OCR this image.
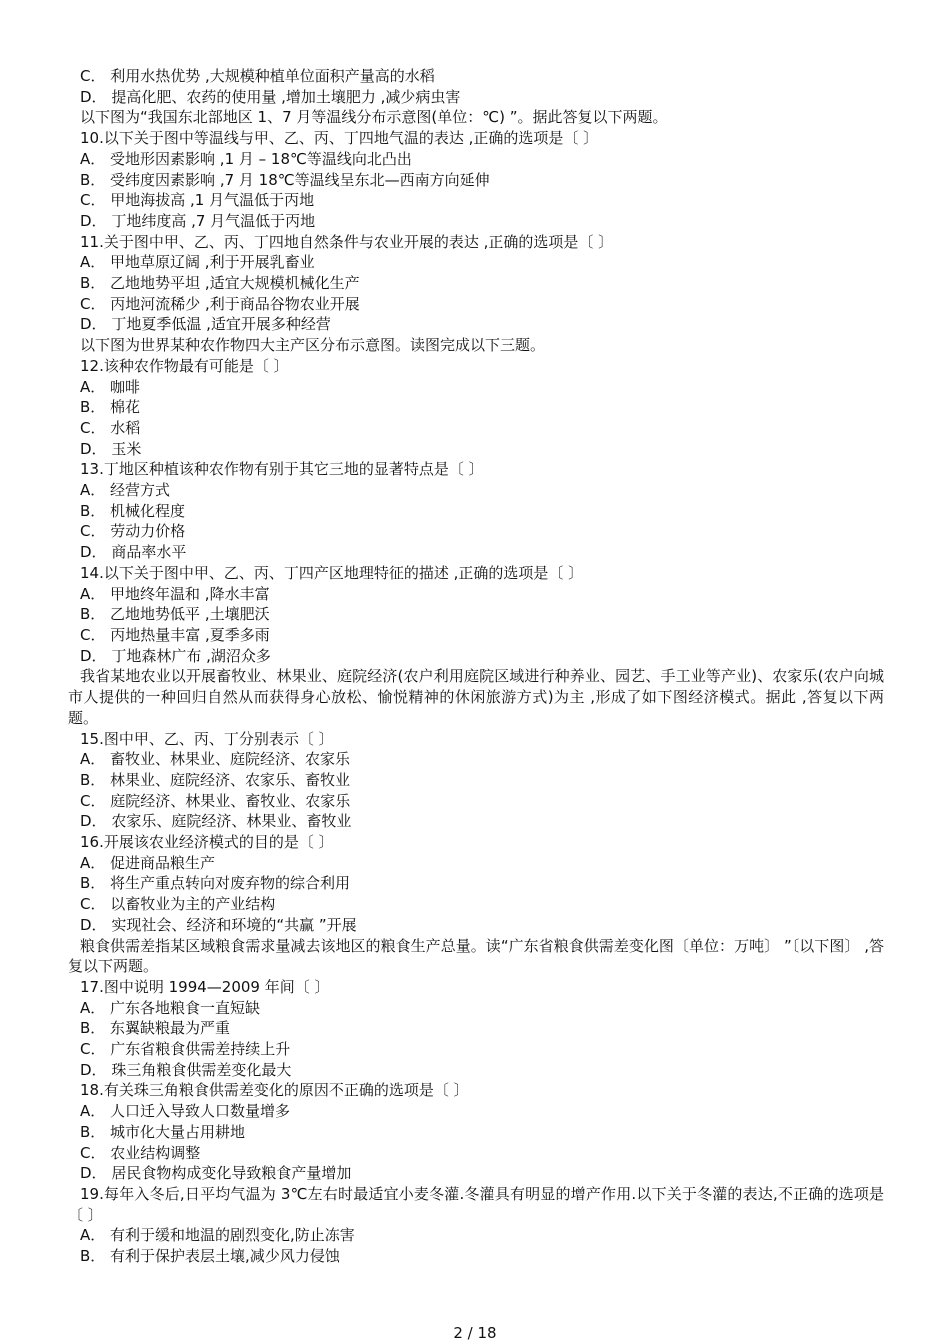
C． 利用水热优势 ,大规模种植单位面积产量高的水稻

D． 提高化肥、农药的使用量 ,增加土壤肥力 ,减少病虫害

以下图为“我国东北部地区 1、7 月等温线分布示意图(单位：℃) ”。据此答复以下两题。

10.以下关于图中等温线与甲、乙、丙、丁四地气温的表达 ,正确的选项是〔 〕

A． 受地形因素影响 ,1 月 – 18℃等温线向北凸出

B． 受纬度因素影响 ,7 月 18℃等温线呈东北—西南方向延伸

C． 甲地海拔高 ,1 月气温低于丙地

D． 丁地纬度高 ,7 月气温低于丙地

11.关于图中甲、乙、丙、丁四地自然条件与农业开展的表达 ,正确的选项是〔 〕

A． 甲地草原辽阔 ,利于开展乳畜业

B． 乙地地势平坦 ,适宜大规模机械化生产

C． 丙地河流稀少 ,利于商品谷物农业开展

D． 丁地夏季低温 ,适宜开展多种经营

以下图为世界某种农作物四大主产区分布示意图。读图完成以下三题。

12.该种农作物最有可能是〔 〕

A． 咖啡

B． 棉花

C． 水稻

D． 玉米

13.丁地区种植该种农作物有别于其它三地的显著特点是〔 〕

A． 经营方式

B． 机械化程度

C． 劳动力价格

D． 商品率水平

14.以下关于图中甲、乙、丙、丁四产区地理特征的描述 ,正确的选项是〔 〕

A． 甲地终年温和 ,降水丰富

B． 乙地地势低平 ,土壤肥沃

C． 丙地热量丰富 ,夏季多雨

D． 丁地森林广布 ,湖沼众多

我省某地农业以开展畜牧业、林果业、庭院经济(农户利用庭院区域进行种养业、园艺、手工业等产业)、农家乐(农户向城市人提供的一种回归自然从而获得身心放松、愉悦精神的休闲旅游方式)为主 ,形成了如下图经济模式。据此 ,答复以下两题。

15.图中甲、乙、丙、丁分别表示〔 〕

A． 畜牧业、林果业、庭院经济、农家乐

B． 林果业、庭院经济、农家乐、畜牧业

C． 庭院经济、林果业、畜牧业、农家乐

D． 农家乐、庭院经济、林果业、畜牧业

16.开展该农业经济模式的目的是〔 〕

A． 促进商品粮生产

B． 将生产重点转向对废弃物的综合利用

C． 以畜牧业为主的产业结构

D． 实现社会、经济和环境的“共赢 ”开展

粮食供需差指某区域粮食需求量减去该地区的粮食生产总量。读“广东省粮食供需差变化图〔单位：万吨〕 ”〔以下图〕 ,答复以下两题。

17.图中说明 1994—2009 年间〔 〕

A． 广东各地粮食一直短缺

B． 东翼缺粮最为严重

C． 广东省粮食供需差持续上升

D． 珠三角粮食供需差变化最大

18.有关珠三角粮食供需差变化的原因不正确的选项是〔 〕

A． 人口迁入导致人口数量增多

B． 城市化大量占用耕地

C． 农业结构调整

D． 居民食物构成变化导致粮食产量增加

19.每年入冬后,日平均气温为 3℃左右时最适宜小麦冬灌.冬灌具有明显的增产作用.以下关于冬灌的表达,不正确的选项是〔 〕

A． 有利于缓和地温的剧烈变化,防止冻害

B． 有利于保护表层土壤,减少风力侵蚀

2 / 18
